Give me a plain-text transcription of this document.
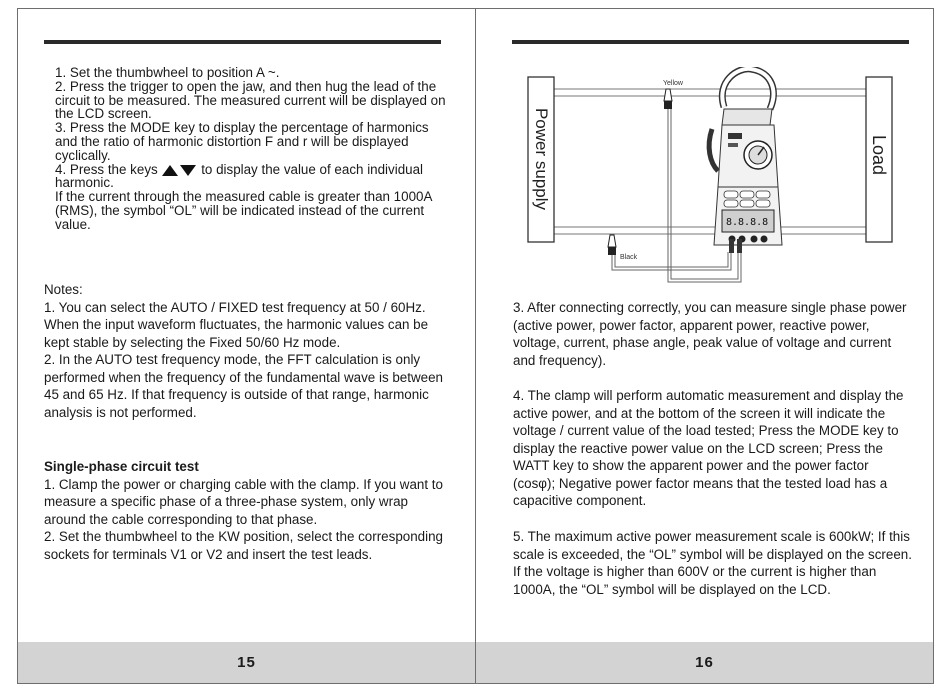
1. Set the thumbwheel to position A ~.

2. Press the trigger to open the jaw, and then hug the lead of the circuit to be measured. The measured current will be displayed on the LCD screen.

3. Press the MODE key to display the percentage of harmonics and the ratio of harmonic distortion F and r will be displayed cyclically.

4. Press the keys	to display the value of each individual harmonic.

If the current through the measured cable is greater than 1000A (RMS), the symbol “OL” will be indicated instead of the current value.

Notes:

1. You can select the AUTO / FIXED test frequency at 50 / 60Hz. When the input waveform fluctuates, the harmonic values can be kept stable by selecting the Fixed 50/60 Hz mode.

2. In the AUTO test frequency mode, the FFT calculation is only performed when the frequency of the fundamental wave is between 45 and 65 Hz. If that frequency is outside of that range, harmonic analysis is not performed.

Single-phase circuit test

1. Clamp the power or charging cable with the clamp. If you want to measure a specific phase of a three-phase system, only wrap around the cable corresponding to that phase.

2. Set the thumbwheel to the KW position, select the corresponding sockets for terminals V1 or V2 and insert the test leads.

15
Power supply	Load
Yellow
Black
8.8.8.8

3. After connecting correctly, you can measure single phase power (active power, power factor, apparent power, reactive power, voltage, current, phase angle, peak value of voltage and current and frequency).

4. The clamp will perform automatic measurement and display the active power, and at the bottom of the screen it will indicate the voltage / current value of the load tested; Press the MODE key to display the reactive power value on the LCD screen; Press the WATT key to show the apparent power and the power factor (cosφ); Negative power factor means that the tested load has a capacitive component.

5. The maximum active power measurement scale is 600kW; If this scale is exceeded, the “OL” symbol will be displayed on the screen. If the voltage is higher than 600V or the current is higher than 1000A, the “OL” symbol will be displayed on the LCD.

16
